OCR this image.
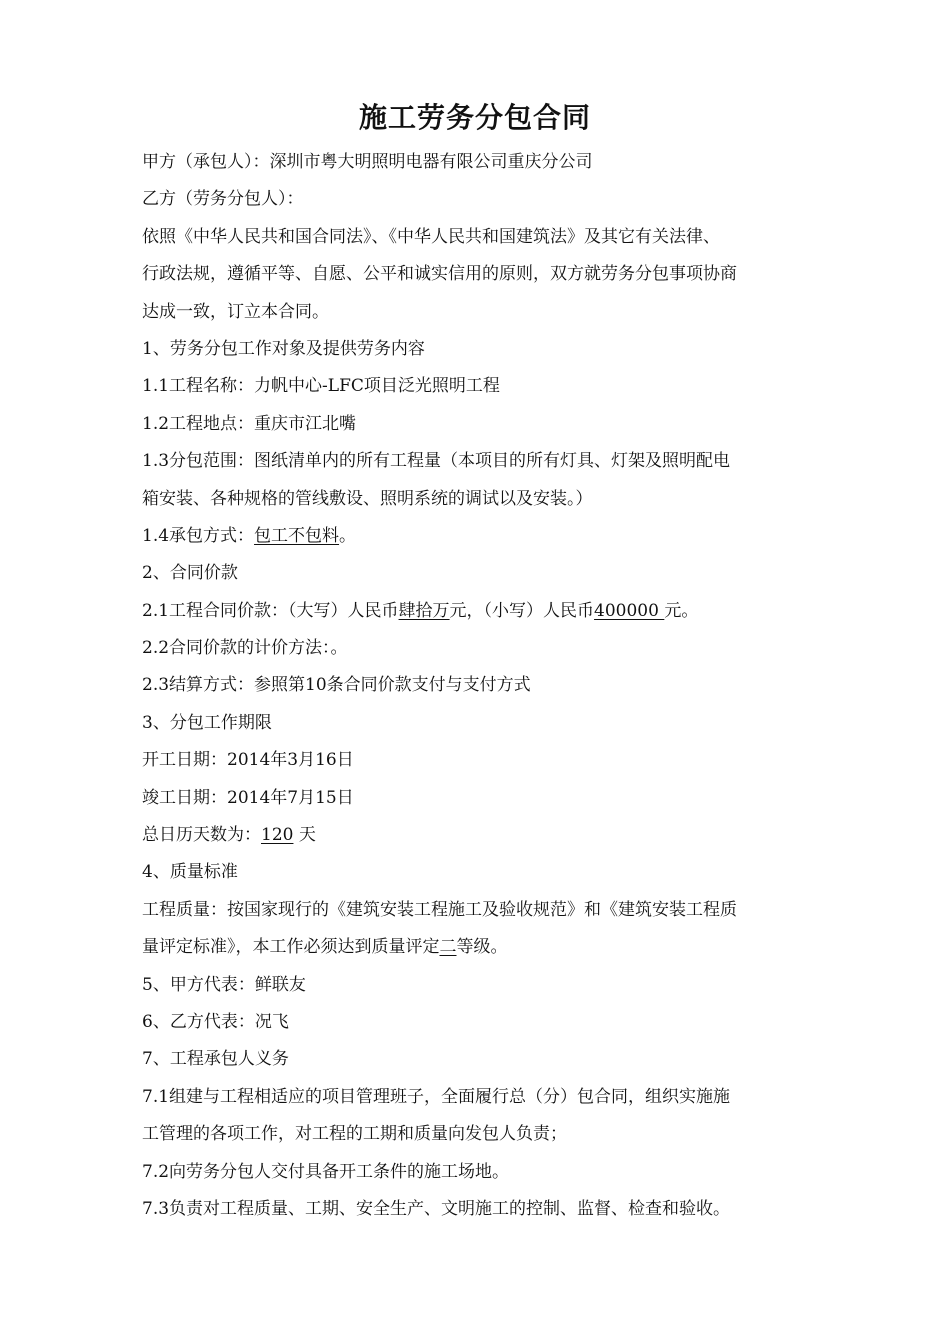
施工劳务分包合同
甲方（承包人）：深圳市粤大明照明电器有限公司重庆分公司
乙方（劳务分包人）：
依照《中华人民共和国合同法》、《中华人民共和国建筑法》及其它有关法律、
行政法规，遵循平等、自愿、公平和诚实信用的原则，双方就劳务分包事项协商
达成一致，订立本合同。
1、劳务分包工作对象及提供劳务内容
1.1工程名称：力帆中心-LFC项目泛光照明工程
1.2工程地点：重庆市江北嘴
1.3分包范围：图纸清单内的所有工程量（本项目的所有灯具、灯架及照明配电
箱安装、各种规格的管线敷设、照明系统的调试以及安装。）
1.4承包方式：包工不包料。
2、合同价款
2.1工程合同价款：（大写）人民币肆拾万元，（小写）人民币400000 元。
2.2合同价款的计价方法：。
2.3结算方式：参照第10条合同价款支付与支付方式
3、分包工作期限
开工日期：2014年3月16日
竣工日期：2014年7月15日
总日历天数为：120 天
4、质量标准
工程质量：按国家现行的《建筑安装工程施工及验收规范》和《建筑安装工程质
量评定标准》，本工作必须达到质量评定二等级。
5、甲方代表：鲜联友
6、乙方代表：况飞
7、工程承包人义务
7.1组建与工程相适应的项目管理班子，全面履行总（分）包合同，组织实施施
工管理的各项工作，对工程的工期和质量向发包人负责；
7.2向劳务分包人交付具备开工条件的施工场地。
7.3负责对工程质量、工期、安全生产、文明施工的控制、监督、检查和验收。
